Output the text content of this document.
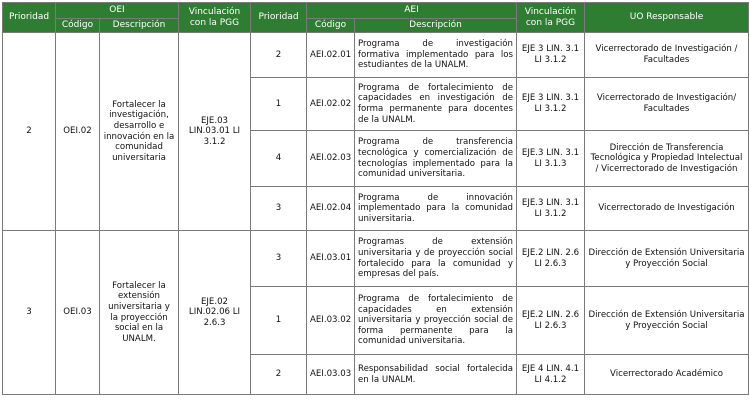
Prioridad	OEI		Vinculación con la PGG	Prioridad	AEI		Vinculación con la PGG	UO Responsable
	Código	Descripción			Código	Descripción		
2	OEI.02	Fortalecer la investigación, desarrollo e innovación en la comunidad universitaria	EJE.03 LIN.03.01 LI 3.1.2	2	AEI.02.01	Programa de investigación formativa implementado para los estudiantes de la UNALM.	EJE 3 LIN. 3.1 LI 3.1.2	Vicerrectorado de Investigación / Facultades
				1	AEI.02.02	Programa de fortalecimiento de capacidades en investigación de forma permanente para docentes de la UNALM.	EJE 3 LIN. 3.1 LI 3.1.2	Vicerrectorado de Investigación/ Facultades
				4	AEI.02.03	Programa de transferencia tecnológica y comercialización de tecnologías implementado para la comunidad universitaria.	EJE.3 LIN. 3.1 LI 3.1.3	Dirección de Transferencia Tecnológica y Propiedad Intelectual / Vicerrectorado de Investigación
				3	AEI.02.04	Programa de innovación implementado para la comunidad universitaria.	EJE.3 LIN. 3.1 LI 3.1.2	Vicerrectorado de Investigación
3	OEI.03	Fortalecer la extensión universitaria y la proyección social en la UNALM.	EJE.02 LIN.02.06 LI 2.6.3	3	AEI.03.01	Programas de extensión universitaria y de proyección social fortalecido para la comunidad y empresas del país.	EJE.2 LIN. 2.6 LI 2.6.3	Dirección de Extensión Universitaria y Proyección Social
				1	AEI.03.02	Programa de fortalecimiento de capacidades en extensión universitaria y proyección social de forma permanente para la comunidad universitaria.	EJE.2 LIN. 2.6 LI 2.6.3	Dirección de Extensión Universitaria y Proyección Social
				2	AEI.03.03	Responsabilidad social fortalecida en la UNALM.	EJE 4 LIN. 4.1 LI 4.1.2	Vicerrectorado Académico
